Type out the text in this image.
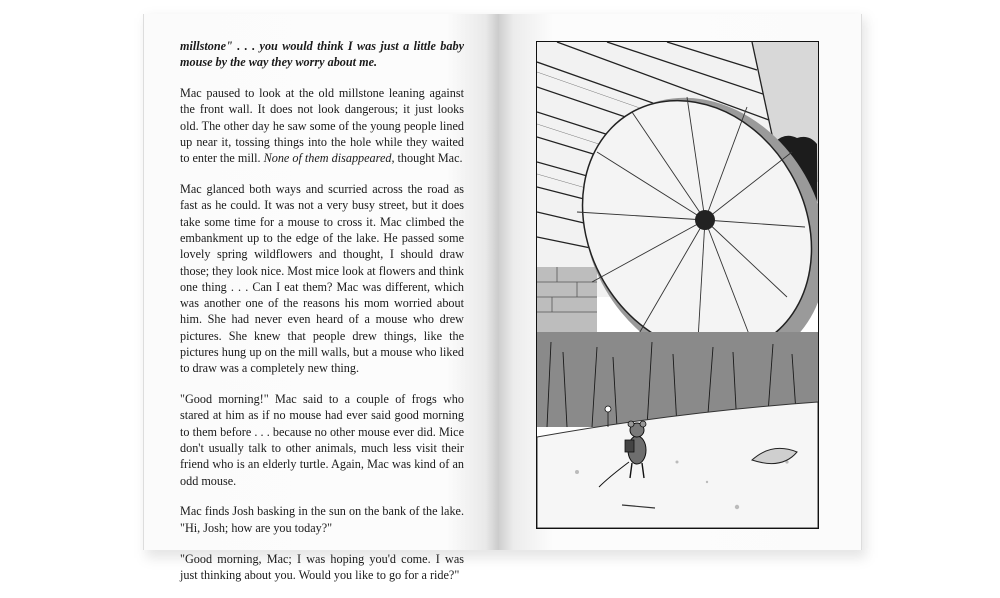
millstone" . . . you would think I was just a little baby mouse by the way they worry about me.

Mac paused to look at the old millstone leaning against the front wall. It does not look dangerous; it just looks old. The other day he saw some of the young people lined up near it, tossing things into the hole while they waited to enter the mill. None of them disappeared, thought Mac.

Mac glanced both ways and scurried across the road as fast as he could. It was not a very busy street, but it does take some time for a mouse to cross it. Mac climbed the embankment up to the edge of the lake. He passed some lovely spring wildflowers and thought, I should draw those; they look nice. Most mice look at flowers and think one thing . . . Can I eat them? Mac was different, which was another one of the reasons his mom worried about him. She had never even heard of a mouse who drew pictures. She knew that people drew things, like the pictures hung up on the mill walls, but a mouse who liked to draw was a completely new thing.

"Good morning!" Mac said to a couple of frogs who stared at him as if no mouse had ever said good morning to them before . . . because no other mouse ever did. Mice don't usually talk to other animals, much less visit their friend who is an elderly turtle. Again, Mac was kind of an odd mouse.

Mac finds Josh basking in the sun on the bank of the lake. "Hi, Josh; how are you today?"

"Good morning, Mac; I was hoping you'd come. I was just thinking about you. Would you like to go for a ride?"
